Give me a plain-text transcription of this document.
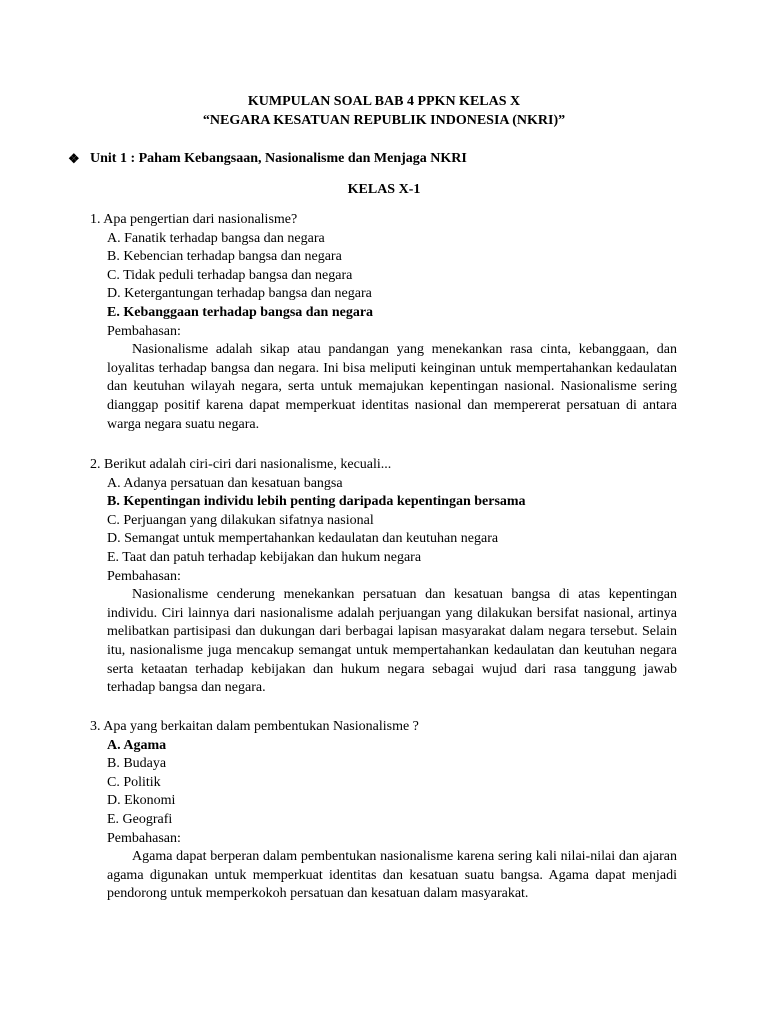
KUMPULAN SOAL BAB 4 PPKN KELAS X
“NEGARA KESATUAN REPUBLIK INDONESIA (NKRI)”
❖ Unit 1 : Paham Kebangsaan, Nasionalisme dan Menjaga NKRI
KELAS X-1
1. Apa pengertian dari nasionalisme?
A. Fanatik terhadap bangsa dan negara
B. Kebencian terhadap bangsa dan negara
C. Tidak peduli terhadap bangsa dan negara
D. Ketergantungan terhadap bangsa dan negara
E. Kebanggaan terhadap bangsa dan negara
Pembahasan:
Nasionalisme adalah sikap atau pandangan yang menekankan rasa cinta, kebanggaan, dan loyalitas terhadap bangsa dan negara. Ini bisa meliputi keinginan untuk mempertahankan kedaulatan dan keutuhan wilayah negara, serta untuk memajukan kepentingan nasional. Nasionalisme sering dianggap positif karena dapat memperkuat identitas nasional dan mempererat persatuan di antara warga negara suatu negara.
2. Berikut adalah ciri-ciri dari nasionalisme, kecuali...
A. Adanya persatuan dan kesatuan bangsa
B. Kepentingan individu lebih penting daripada kepentingan bersama
C. Perjuangan yang dilakukan sifatnya nasional
D. Semangat untuk mempertahankan kedaulatan dan keutuhan negara
E. Taat dan patuh terhadap kebijakan dan hukum negara
Pembahasan:
Nasionalisme cenderung menekankan persatuan dan kesatuan bangsa di atas kepentingan individu. Ciri lainnya dari nasionalisme adalah perjuangan yang dilakukan bersifat nasional, artinya melibatkan partisipasi dan dukungan dari berbagai lapisan masyarakat dalam negara tersebut. Selain itu, nasionalisme juga mencakup semangat untuk mempertahankan kedaulatan dan keutuhan negara serta ketaatan terhadap kebijakan dan hukum negara sebagai wujud dari rasa tanggung jawab terhadap bangsa dan negara.
3. Apa yang berkaitan dalam pembentukan Nasionalisme ?
A. Agama
B. Budaya
C. Politik
D. Ekonomi
E. Geografi
Pembahasan:
Agama dapat berperan dalam pembentukan nasionalisme karena sering kali nilai-nilai dan ajaran agama digunakan untuk memperkuat identitas dan kesatuan suatu bangsa. Agama dapat menjadi pendorong untuk memperkokoh persatuan dan kesatuan dalam masyarakat.
